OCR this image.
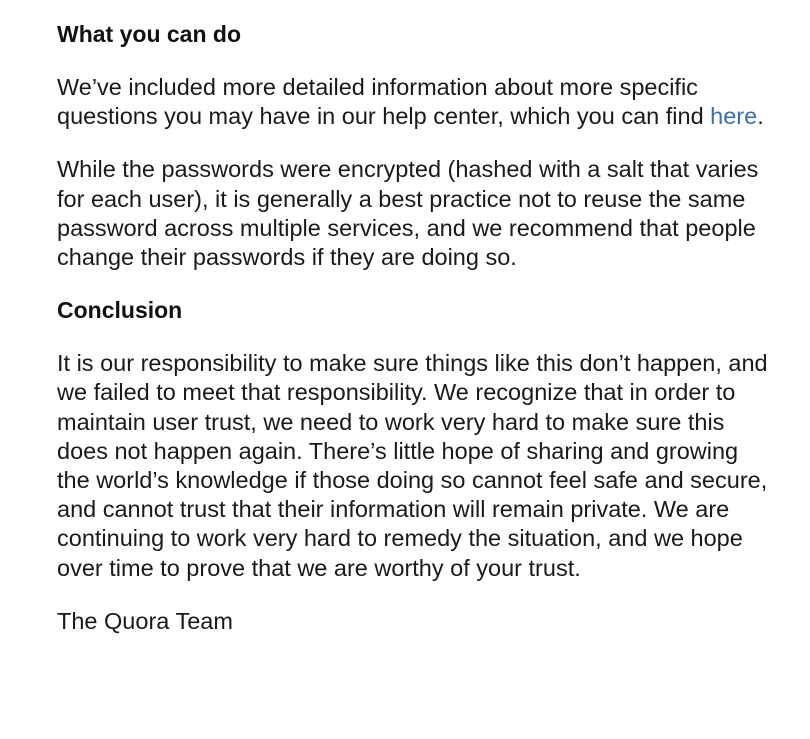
What you can do
We’ve included more detailed information about more specific questions you may have in our help center, which you can find here.
While the passwords were encrypted (hashed with a salt that varies for each user), it is generally a best practice not to reuse the same password across multiple services, and we recommend that people change their passwords if they are doing so.
Conclusion
It is our responsibility to make sure things like this don’t happen, and we failed to meet that responsibility. We recognize that in order to maintain user trust, we need to work very hard to make sure this does not happen again. There’s little hope of sharing and growing the world’s knowledge if those doing so cannot feel safe and secure, and cannot trust that their information will remain private. We are continuing to work very hard to remedy the situation, and we hope over time to prove that we are worthy of your trust.
The Quora Team
